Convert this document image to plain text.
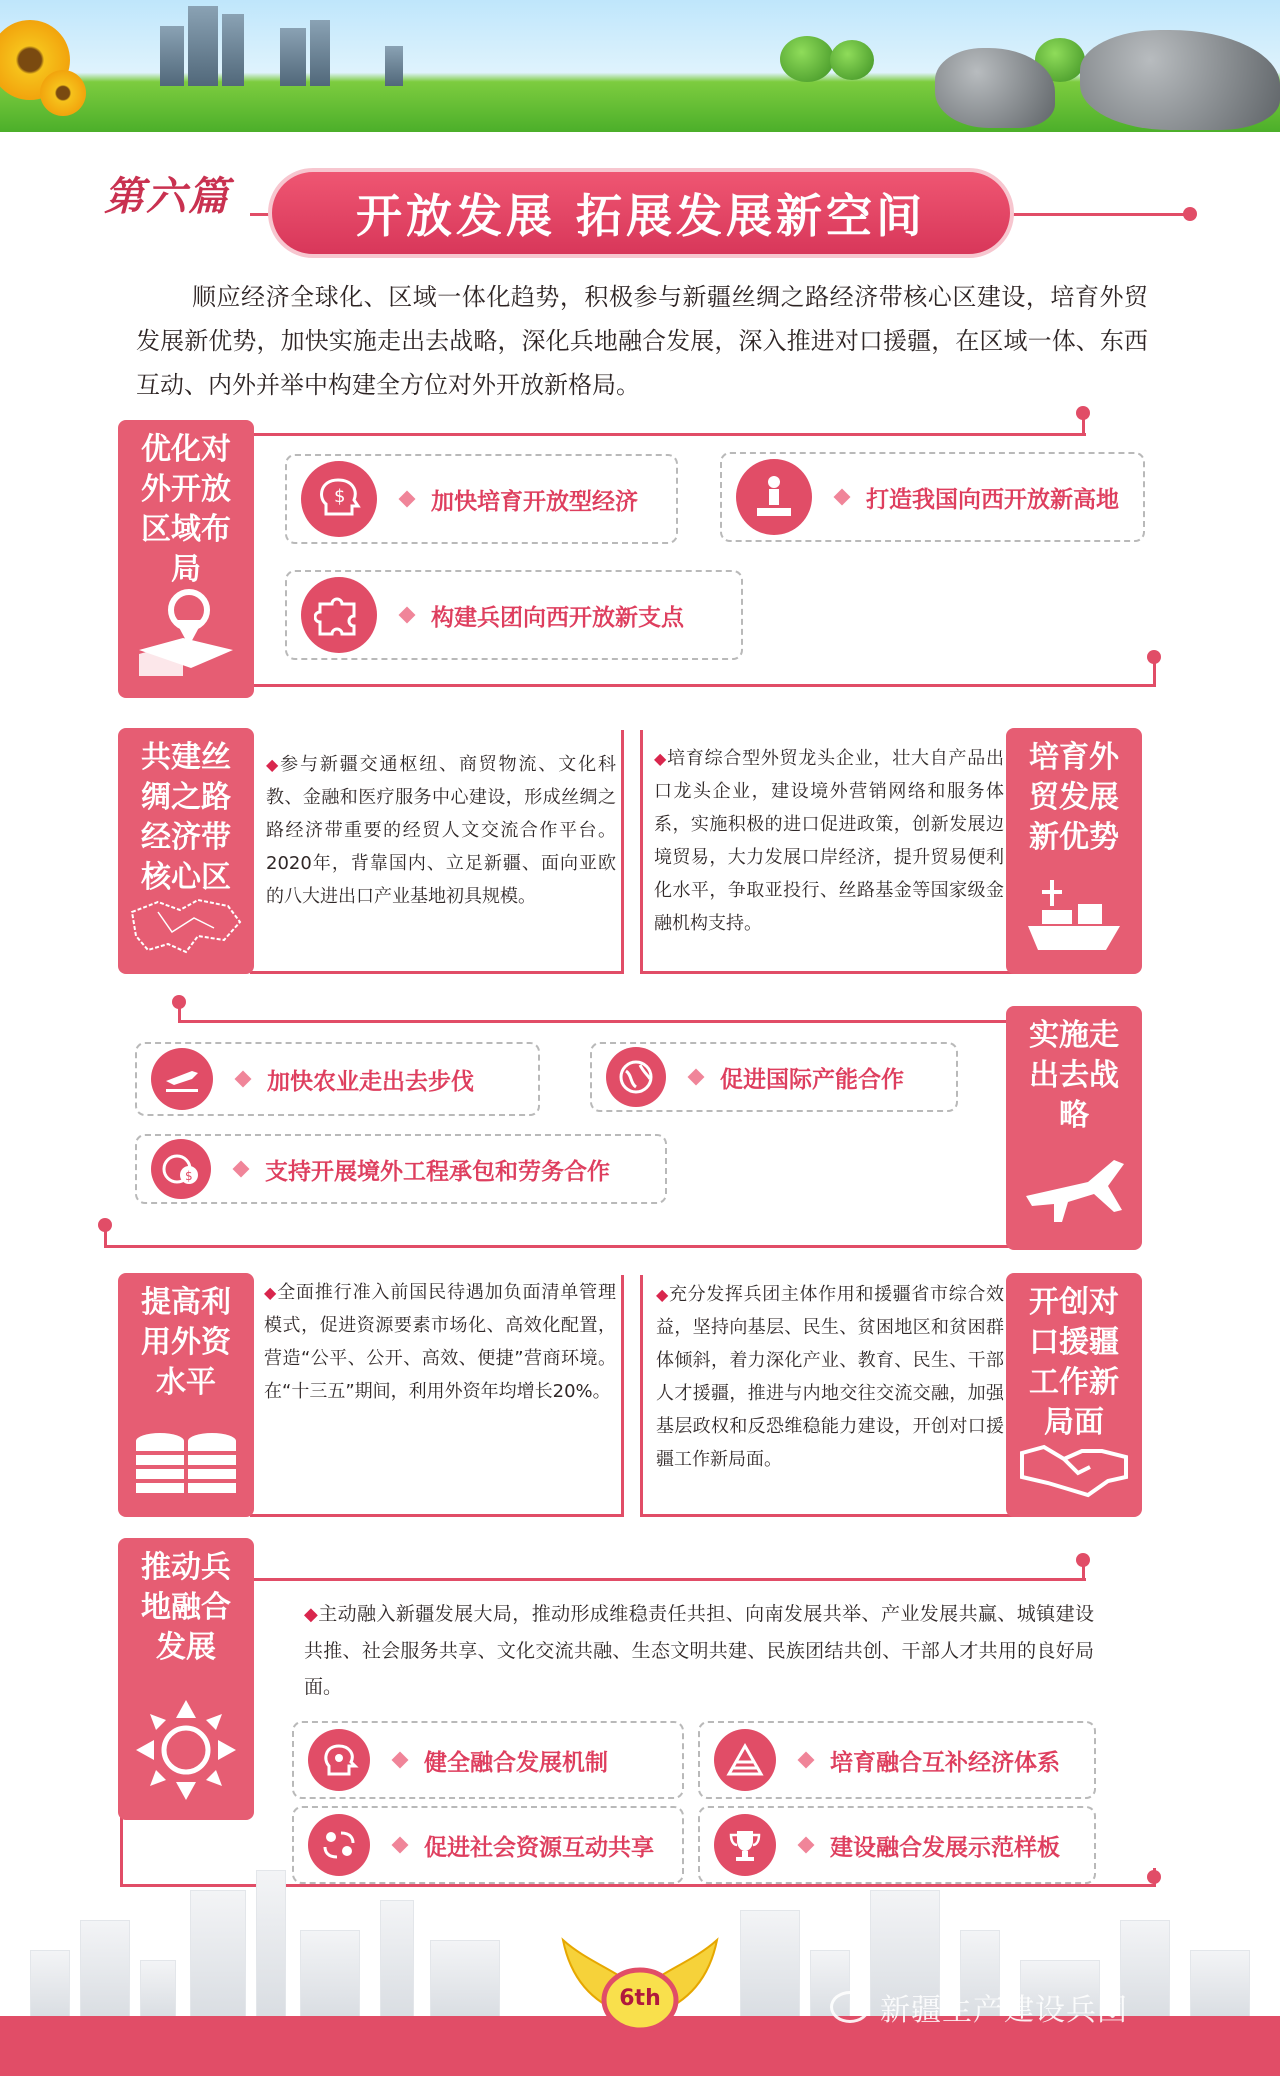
第六篇	开放发展 拓展发展新空间
顺应经济全球化、区域一体化趋势，积极参与新疆丝绸之路经济带核心区建设，培育外贸发展新优势，加快实施走出去战略，深化兵地融合发展，深入推进对口援疆，在区域一体、东西互动、内外并举中构建全方位对外开放新格局。
优化对外开放区域布局
$	加快培育开放型经济	打造我国向西开放新高地
构建兵团向西开放新支点
共建丝绸之路经济带核心区
◆参与新疆交通枢纽、商贸物流、文化科教、金融和医疗服务中心建设，形成丝绸之路经济带重要的经贸人文交流合作平台。2020年，背靠国内、立足新疆、面向亚欧的八大进出口产业基地初具规模。
培育外贸发展新优势
◆培育综合型外贸龙头企业，壮大自产品出口龙头企业，建设境外营销网络和服务体系，实施积极的进口促进政策，创新发展边境贸易，大力发展口岸经济，提升贸易便利化水平，争取亚投行、丝路基金等国家级金融机构支持。
实施走出去战略
加快农业走出去步伐	促进国际产能合作
$	支持开展境外工程承包和劳务合作
提高利用外资水平
◆全面推行准入前国民待遇加负面清单管理模式，促进资源要素市场化、高效化配置，营造“公平、公开、高效、便捷”营商环境。在“十三五”期间，利用外资年均增长20%。
开创对口援疆工作新局面
◆充分发挥兵团主体作用和援疆省市综合效益，坚持向基层、民生、贫困地区和贫困群体倾斜，着力深化产业、教育、民生、干部人才援疆，推进与内地交往交流交融，加强基层政权和反恐维稳能力建设，开创对口援疆工作新局面。
推动兵地融合发展
◆主动融入新疆发展大局，推动形成维稳责任共担、向南发展共举、产业发展共赢、城镇建设共推、社会服务共享、文化交流共融、生态文明共建、民族团结共创、干部人才共用的良好局面。
健全融合发展机制	培育融合互补经济体系
促进社会资源互动共享	建设融合发展示范样板
6th	新疆生产建设兵团
